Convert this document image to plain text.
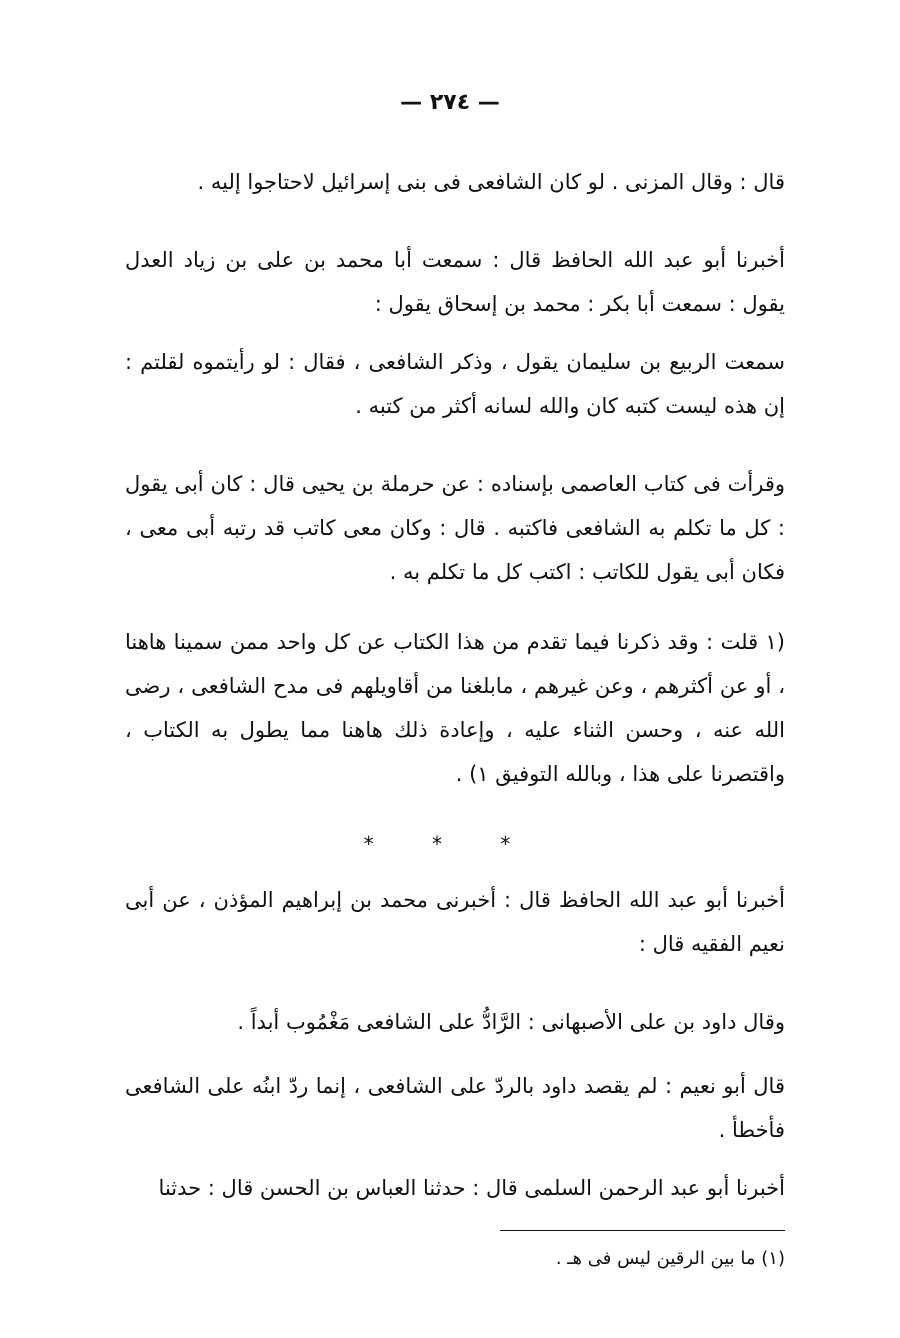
— ٢٧٤ —

قال : وقال المزنى . لو كان الشافعى فى بنى إسرائيل لاحتاجوا إليه .

أخبرنا أبو عبد الله الحافظ قال : سمعت أبا محمد بن على بن زياد العدل يقول : سمعت أبا بكر : محمد بن إسحاق يقول :

سمعت الربيع بن سليمان يقول ، وذكر الشافعى ، فقال : لو رأيتموه لقلتم : إن هذه ليست كتبه كان والله لسانه أكثر من كتبه .

وقرأت فى كتاب العاصمى بإسناده : عن حرملة بن يحيى قال : كان أبى يقول : كل ما تكلم به الشافعى فاكتبه . قال : وكان معى كاتب قد رتبه أبى معى ، فكان أبى يقول للكاتب : اكتب كل ما تكلم به .

(١ قلت : وقد ذكرنا فيما تقدم من هذا الكتاب عن كل واحد ممن سمينا هاهنا ، أو عن أكثرهم ، وعن غيرهم ، مابلغنا من أقاويلهم فى مدح الشافعى ، رضى الله عنه ، وحسن الثناء عليه ، وإعادة ذلك هاهنا مما يطول به الكتاب ، واقتصرنا على هذا ، وبالله التوفيق ١) .

* * *

أخبرنا أبو عبد الله الحافظ قال : أخبرنى محمد بن إبراهيم المؤذن ، عن أبى نعيم الفقيه قال :

وقال داود بن على الأصبهانى : الرَّادُّ على الشافعى مَغْمُوب أبداً .

قال أبو نعيم : لم يقصد داود بالردّ على الشافعى ، إنما ردّ ابنُه على الشافعى فأخطأ .

أخبرنا أبو عبد الرحمن السلمى قال : حدثنا العباس بن الحسن قال : حدثنا

(١) ما بين الرقين ليس فى هـ .
